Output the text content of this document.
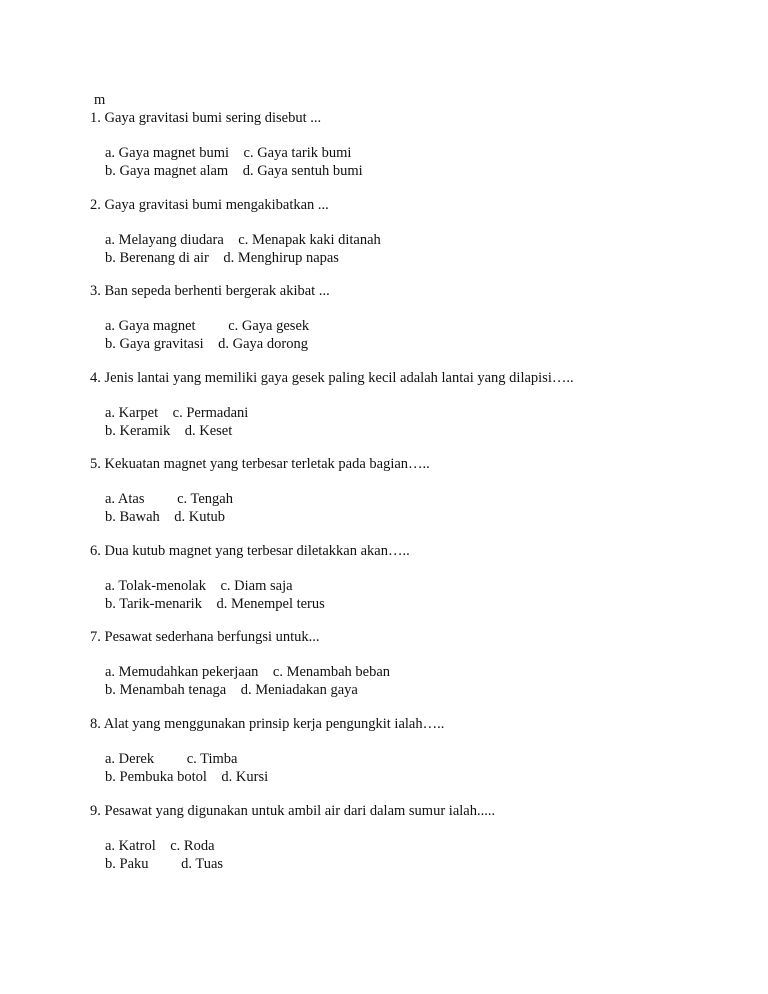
m
1. Gaya gravitasi bumi sering disebut ...
a. Gaya magnet bumi    c. Gaya tarik bumi
b. Gaya magnet alam    d. Gaya sentuh bumi
2. Gaya gravitasi bumi mengakibatkan ...
a. Melayang diudara    c. Menapak kaki ditanah
b. Berenang di air    d. Menghirup napas
3. Ban sepeda berhenti bergerak akibat ...
a. Gaya magnet         c. Gaya gesek
b. Gaya gravitasi    d. Gaya dorong
4. Jenis lantai yang memiliki gaya gesek paling kecil adalah lantai yang dilapisi…..
a. Karpet    c. Permadani
b. Keramik    d. Keset
5. Kekuatan magnet yang terbesar terletak pada bagian…..
a. Atas         c. Tengah
b. Bawah    d. Kutub
6. Dua kutub magnet yang terbesar diletakkan akan…..
a. Tolak-menolak    c. Diam saja
b. Tarik-menarik    d. Menempel terus
7. Pesawat sederhana berfungsi untuk...
a. Memudahkan pekerjaan    c. Menambah beban
b. Menambah tenaga    d. Meniadakan gaya
8. Alat yang menggunakan prinsip kerja pengungkit ialah…..
a. Derek         c. Timba
b. Pembuka botol    d. Kursi
9. Pesawat yang digunakan untuk ambil air dari dalam sumur ialah.....
a. Katrol    c. Roda
b. Paku         d. Tuas
